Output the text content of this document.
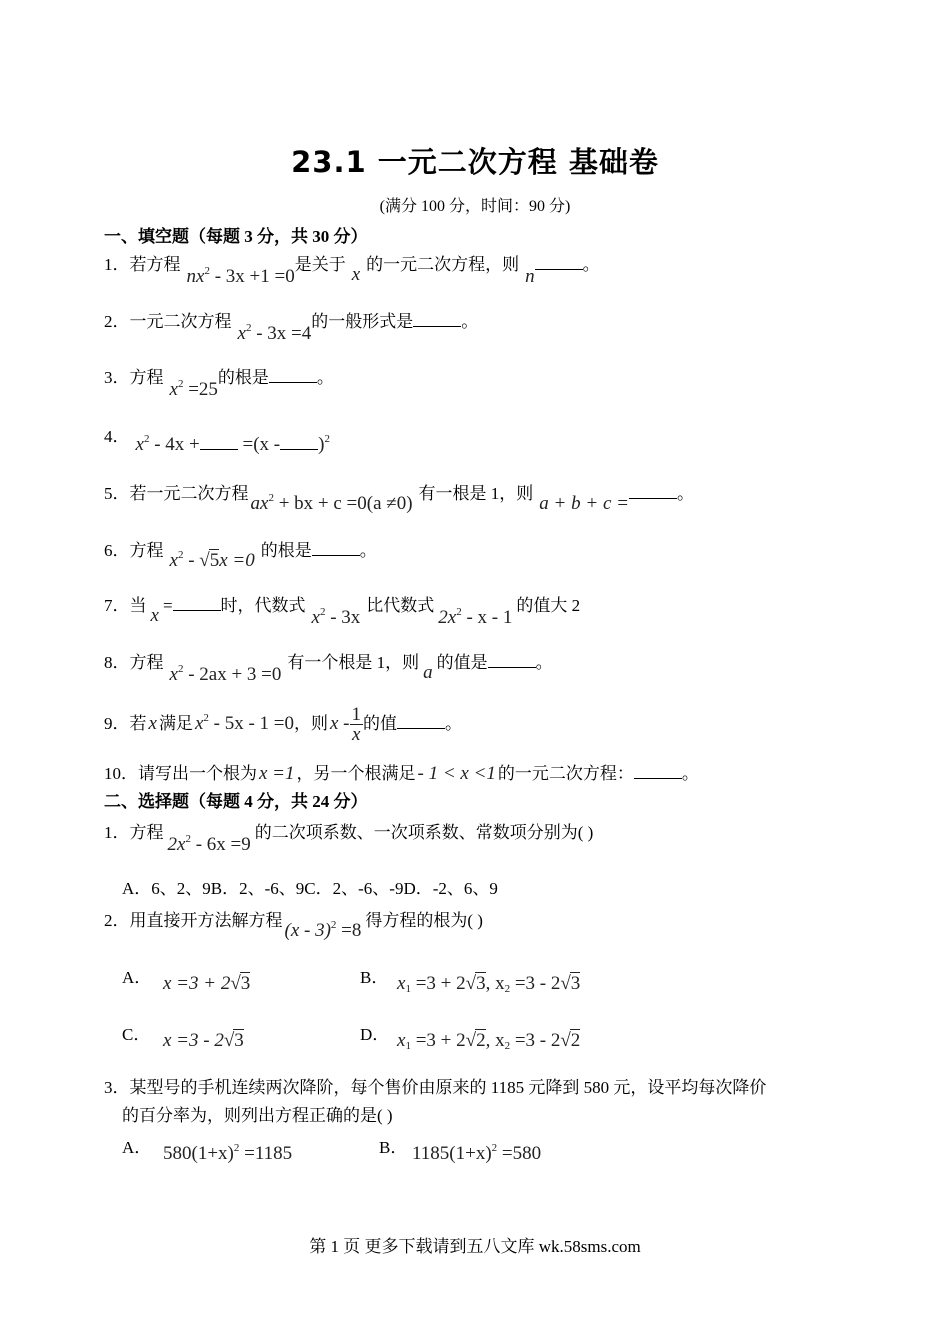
23.1 一元二次方程 基础卷
(满分 100 分，时间：90 分)
一、填空题（每题 3 分，共 30 分）
1．若方程$nx^2 - 3x +1 =0$是关于 x 的一元二次方程，则n。
2．一元二次方程$x^2 - 3x =4$的一般形式是	。
3．方程$x^2 =25$的根是	。
4． $x^2 - 4x + =(x - )^2$
5．若一元二次方程 $ax^2$ + bx + c =0(a ≠0) 有一根是 1，则 a + b + c =	。
6．方程 $x^2 - √5x =0$ 的根是	。
7．当 x =	时，代数式$x^2 - 3x$比代数式$2x^2$ - x - 1的值大 2
8．方程$x^2 - 2ax + 3 =0$有一个根是 1，则 a 的值是	。
9．若 x 满足 $x^2 - 5x - 1 =0$，则 x - $\frac{1}{x}$ 的值	。
10．请写出一个根为 x =1 ，另一个根满足 - 1 < x <1 的一元二次方程：	。
二、选择题（每题 4 分，共 24 分）
1．方程$2x^2 - 6x =9$的二次项系数、一次项系数、常数项分别为( )
A．6、2、9B．2、-6、9C．2、-6、-9D．-2、6、9
2．用直接开方法解方程 (x - 3)$^2$ =8 得方程的根为( )
A． x =3 + 2√3	B． $x_1 =3 + 2√3$, $x_2 =3 - 2√3$
C． x =3 - 2√3	D． $x_1 =3 + 2√2$, $x_2 =3 - 2√2$
3．某型号的手机连续两次降阶，每个售价由原来的 1185 元降到 580 元，设平均每次降价
的百分率为，则列出方程正确的是( )
A． $580(1+x)^2 =1185$	B． $1185(1+x)^2 =580$
第 1 页 更多下载请到五八文库 wk.58sms.com
